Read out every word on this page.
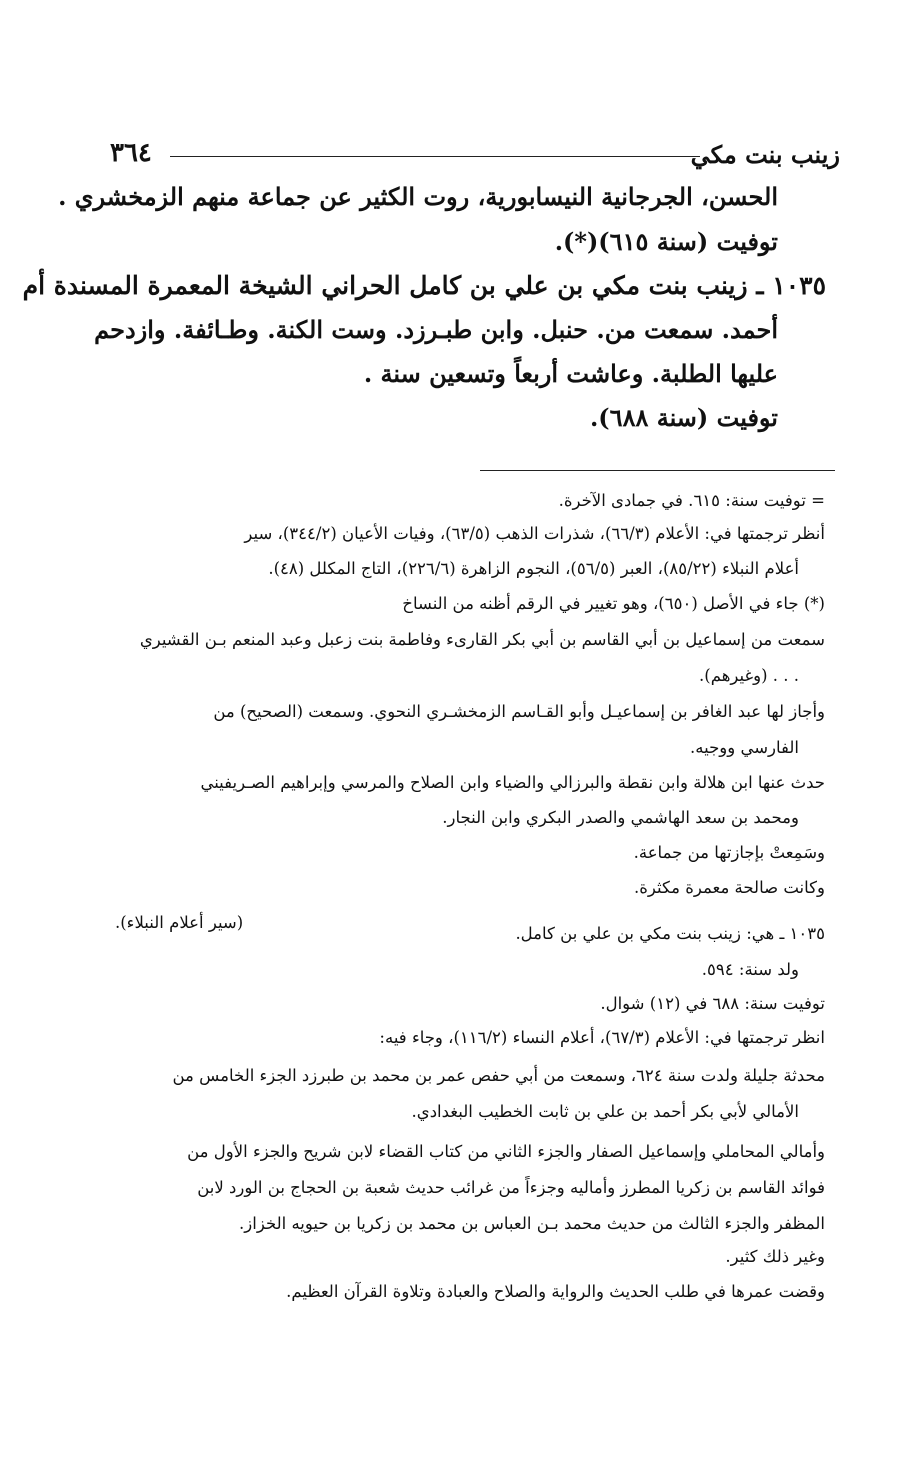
زينب بنت مكي
٣٦٤
الحسن، الجرجانية النيسابورية، روت الكثير عن جماعة منهم الزمخشري .
توفيت (سنة ٦١٥)(*).
١٠٣٥ ـ زينب بنت مكي بن علي بن كامل الحراني الشيخة المعمرة المسندة أم
أحمد. سمعت من. حنبل. وابن طبـرزد. وست الكنة. وطـائفة. وازدحم
عليها الطلبة. وعاشت أربعاً وتسعين سنة .
توفيت (سنة ٦٨٨).
= توفيت سنة: ٦١٥. في جمادى الآخرة.
أنظر ترجمتها في: الأعلام (٦٦/٣)، شذرات الذهب (٦٣/٥)، وفيات الأعيان (٣٤٤/٢)، سير
أعلام النبلاء (٨٥/٢٢)، العبر (٥٦/٥)، النجوم الزاهرة (٢٢٦/٦)، التاج المكلل (٤٨).
(*) جاء في الأصل (٦٥٠)، وهو تغيير في الرقم أظنه من النساخ
سمعت من إسماعيل بن أبي القاسم بن أبي بكر القارىء وفاطمة بنت زعبل وعبد المنعم بـن القشيري
. . . (وغيرهم).
وأجاز لها عبد الغافر بن إسماعيـل وأبو القـاسم الزمخشـري النحوي. وسمعت (الصحيح) من
الفارسي ووجيه.
حدث عنها ابن هلالة وابن نقطة والبرزالي والضياء وابن الصلاح والمرسي وإبراهيم الصـريفيني
ومحمد بن سعد الهاشمي والصدر البكري وابن النجار.
وسَمِعتْ بإجازتها من جماعة.
وكانت صالحة معمرة مكثرة.
(سير أعلام النبلاء).
١٠٣٥ ـ هي: زينب بنت مكي بن علي بن كامل.
ولد سنة: ٥٩٤.
توفيت سنة: ٦٨٨ في (١٢) شوال.
انظر ترجمتها في: الأعلام (٦٧/٣)، أعلام النساء (١١٦/٢)، وجاء فيه:
محدثة جليلة ولدت سنة ٦٢٤، وسمعت من أبي حفص عمر بن محمد بن طبرزد الجزء الخامس من
الأمالي لأبي بكر أحمد بن علي بن ثابت الخطيب البغدادي.
وأمالي المحاملي وإسماعيل الصفار والجزء الثاني من كتاب القضاء لابن شريح والجزء الأول من
فوائد القاسم بن زكريا المطرز وأماليه وجزءاً من غرائب حديث شعبة بن الحجاج بن الورد لابن
المظفر والجزء الثالث من حديث محمد بـن العباس بن محمد بن زكريا بن حيويه الخزاز.
وغير ذلك كثير.
وقضت عمرها في طلب الحديث والرواية والصلاح والعبادة وتلاوة القرآن العظيم.
